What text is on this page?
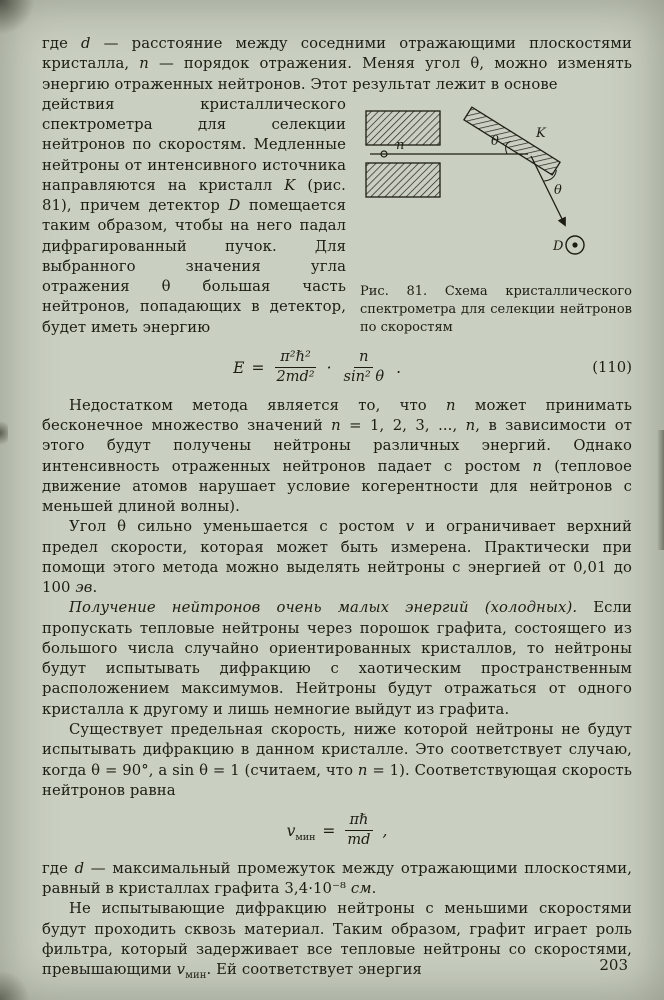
где d — расстояние между соседними отражающими плоскостями кристалла, n — порядок отражения. Меняя угол θ, можно изменять энергию отраженных нейтронов. Этот результат лежит в основе

n
K
θ
θ
D
Рис. 81. Схема кристаллического спектрометра для селекции нейтронов по скоростям

действия кристаллического спектрометра для селекции нейтронов по скоростям. Медленные нейтроны от интенсивного источника направляются на кристалл K (рис. 81), причем детектор D помещается таким образом, чтобы на него падал дифрагированный пучок. Для выбранного значения угла отражения θ большая часть нейтронов, попадающих в детектор, будет иметь энергию

$E = \frac{\text{π²ℏ²}}{\text{2md²}} \cdot \frac{n}{\text{sin² θ}}$ .	(110)

Недостатком метода является то, что n может принимать бесконечное множество значений n = 1, 2, 3, ..., n, в зависимости от этого будут получены нейтроны различных энергий. Однако интенсивность отраженных нейтронов падает с ростом n (тепловое движение атомов нарушает условие когерентности для нейтронов с меньшей длиной волны).

Угол θ сильно уменьшается с ростом v и ограничивает верхний предел скорости, которая может быть измерена. Практически при помощи этого метода можно выделять нейтроны с энергией от 0,01 до 100 эв.

Получение нейтронов очень малых энергий (холодных). Если пропускать тепловые нейтроны через порошок графита, состоящего из большого числа случайно ориентированных кристаллов, то нейтроны будут испытывать дифракцию с хаотическим пространственным расположением максимумов. Нейтроны будут отражаться от одного кристалла к другому и лишь немногие выйдут из графита.

Существует предельная скорость, ниже которой нейтроны не будут испытывать дифракцию в данном кристалле. Это соответствует случаю, когда θ = 90°, а sin θ = 1 (считаем, что n = 1). Соответствующая скорость нейтронов равна

$v_{мин} = \frac{\text{πℏ}}{md}$ ,

где d — максимальный промежуток между отражающими плоскостями, равный в кристаллах графита 3,4·10⁻⁸ см.

Не испытывающие дифракцию нейтроны с меньшими скоростями будут проходить сквозь материал. Таким образом, графит играет роль фильтра, который задерживает все тепловые нейтроны со скоростями, превышающими $v_{мин}$. Ей соответствует энергия	203
